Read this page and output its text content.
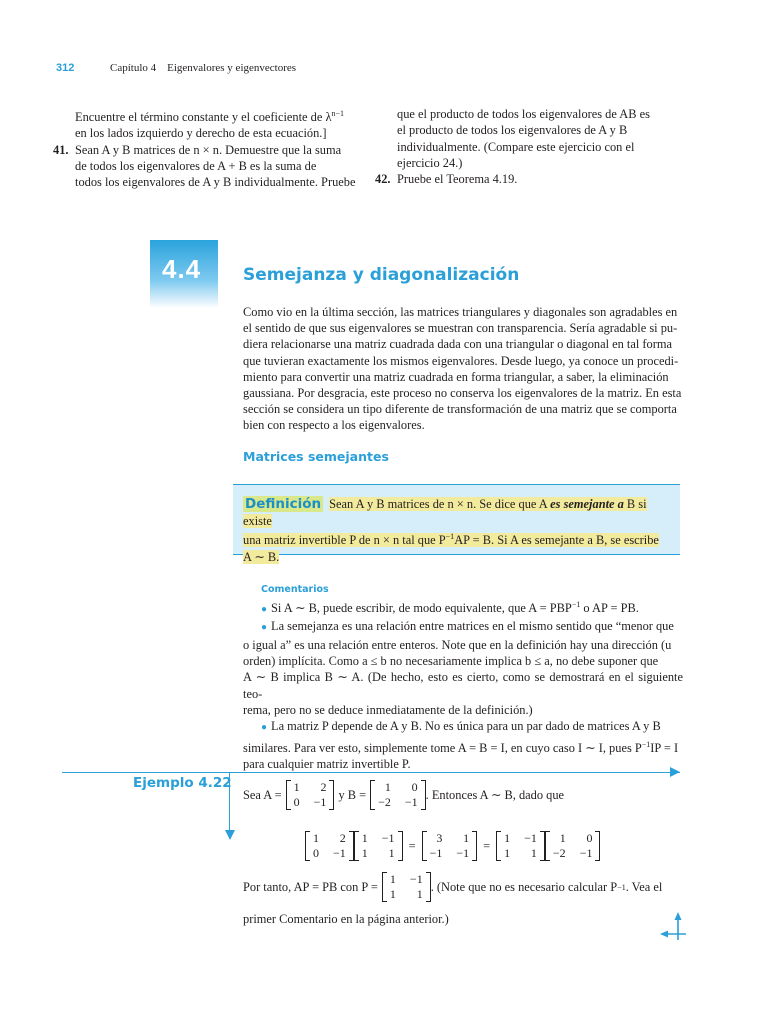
312	Capítulo 4    Eigenvalores y eigenvectores

Encuentre el término constante y el coeficiente de $\lambda^{n-1}$

en los lados izquierdo y derecho de esta ecuación.]

41. Sean A y B matrices de n × n. Demuestre que la suma

de todos los eigenvalores de A + B es la suma de

todos los eigenvalores de A y B individualmente. Pruebe

que el producto de todos los eigenvalores de AB es

el producto de todos los eigenvalores de A y B

individualmente. (Compare este ejercicio con el

ejercicio 24.)

42. Pruebe el Teorema 4.19.

4.4 Semejanza y diagonalización
Como vio en la última sección, las matrices triangulares y diagonales son agradables en
el sentido de que sus eigenvalores se muestran con transparencia. Sería agradable si pu-
diera relacionarse una matriz cuadrada dada con una triangular o diagonal en tal forma
que tuvieran exactamente los mismos eigenvalores. Desde luego, ya conoce un procedi-
miento para convertir una matriz cuadrada en forma triangular, a saber, la eliminación
gaussiana. Por desgracia, este proceso no conserva los eigenvalores de la matriz. En esta
sección se considera un tipo diferente de transformación de una matriz que se comporta
bien con respecto a los eigenvalores.
Matrices semejantes
Definición Sean A y B matrices de n × n. Se dice que A es semejante a B si existe
una matriz invertible P de n × n tal que $P^{-1}AP = B$. Si A es semejante a B, se escribe
A ∼ B.
Comentarios
● Si A ∼ B, puede escribir, de modo equivalente, que $A = PBP^{-1}$ o AP = PB.
● La semejanza es una relación entre matrices en el mismo sentido que “menor que
o igual a” es una relación entre enteros. Note que en la definición hay una dirección (u
orden) implícita. Como a ≤ b no necesariamente implica b ≤ a, no debe suponer que
A ∼ B implica B ∼ A. (De hecho, esto es cierto, como se demostrará en el siguiente teo-
rema, pero no se deduce inmediatamente de la definición.)
● La matriz P depende de A y B. No es única para un par dado de matrices A y B
similares. Para ver esto, simplemente tome A = B = I, en cuyo caso I ∼ I, pues $P^{-1}IP = I$
para cualquier matriz invertible P.
Ejemplo 4.22
Sea A =
1	2
0 −1
y B =
1	0
−2 −1 . Entonces A ∼ B, dado que
1	2
0 −1
1 −1
1	1
=
3	1
−1 −1
=
1 −1
1	1
1	0
−2 −1
Por tanto, AP = PB con P =
1 −1
1	1
. (Note que no es necesario calcular P −1 . Vea el
primer Comentario en la página anterior.)
